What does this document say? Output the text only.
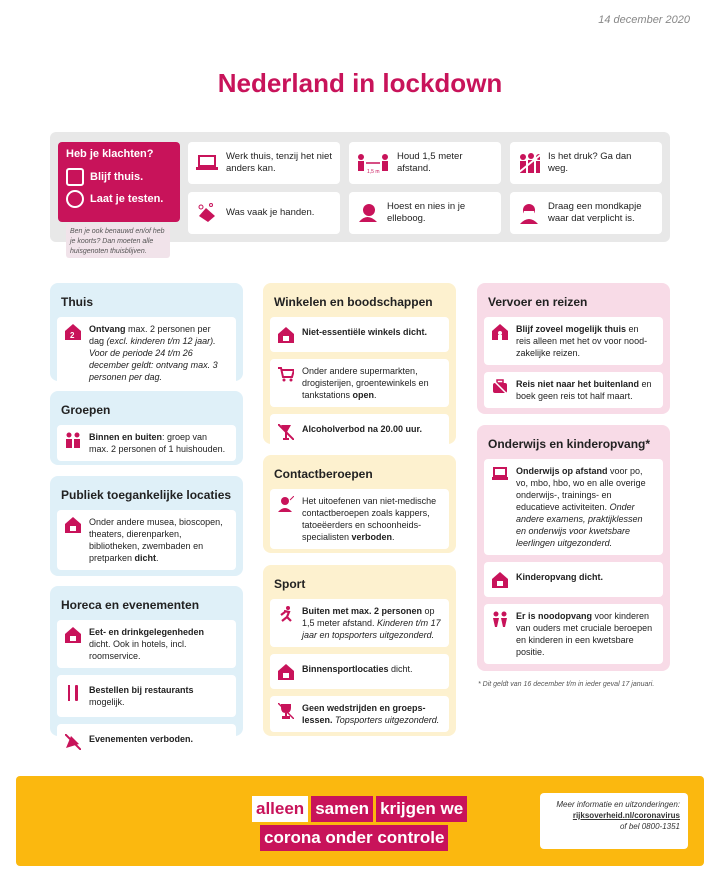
14 december 2020
Nederland in lockdown
Heb je klachten?
Blijf thuis.
Laat je testen.
Ben je ook benauwd en/of heb je koorts? Dan moeten alle huisgenoten thuisblijven.
Werk thuis, tenzij het niet anders kan.	1,5 m
Houd 1,5 meter afstand.
Is het druk? Ga dan weg.
Was vaak je handen.
Hoest en nies in je elleboog.
Draag een mondkapje waar dat verplicht is.
Thuis
2
Ontvang max. 2 personen per dag (excl. kinderen t/m 12 jaar). Voor de periode 24 t/m 26 december geldt: ontvang max. 3 personen per dag.
Groepen
Binnen en buiten: groep van max. 2 personen of 1 huishouden.
Publiek toegankelijke locaties
Onder andere musea, bioscopen, theaters, dierenparken, bibliotheken, zwembaden en pretparken dicht.
Horeca en evenementen
Eet- en drinkgelegenheden dicht. Ook in hotels, incl. roomservice.
Bestellen bij restaurants mogelijk.
Evenementen verboden.
Winkelen en boodschappen
Niet-essentiële winkels dicht.
Onder andere supermarkten, drogisterijen, groentewinkels en tankstations open.
Alcoholverbod na 20.00 uur.
Contactberoepen
Het uitoefenen van niet-medische contactberoepen zoals kappers, tatoeëerders en schoonheidsspecialisten verboden.
Sport
Buiten met max. 2 personen op 1,5 meter afstand. Kinderen t/m 17 jaar en topsporters uitgezonderd.
Binnensportlocaties dicht.
Geen wedstrijden en groepslessen. Topsporters uitgezonderd.
Vervoer en reizen
Blijf zoveel mogelijk thuis en reis alleen met het ov voor noodzakelijke reizen.
Reis niet naar het buitenland en boek geen reis tot half maart.
Onderwijs en kinderopvang*
Onderwijs op afstand voor po, vo, mbo, hbo, wo en alle overige onderwijs-, trainings- en educatieve activiteiten. Onder andere examens, praktijklessen en onderwijs voor kwetsbare leerlingen uitgezonderd.
Kinderopvang dicht.
Er is noodopvang voor kinderen van ouders met cruciale beroepen en kinderen in een kwetsbare positie.
* Dit geldt van 16 december t/m in ieder geval 17 januari.
alleen samen krijgen we
corona onder controle
Meer informatie en uitzonderingen:
rijksoverheid.nl/coronavirus
of bel 0800-1351
